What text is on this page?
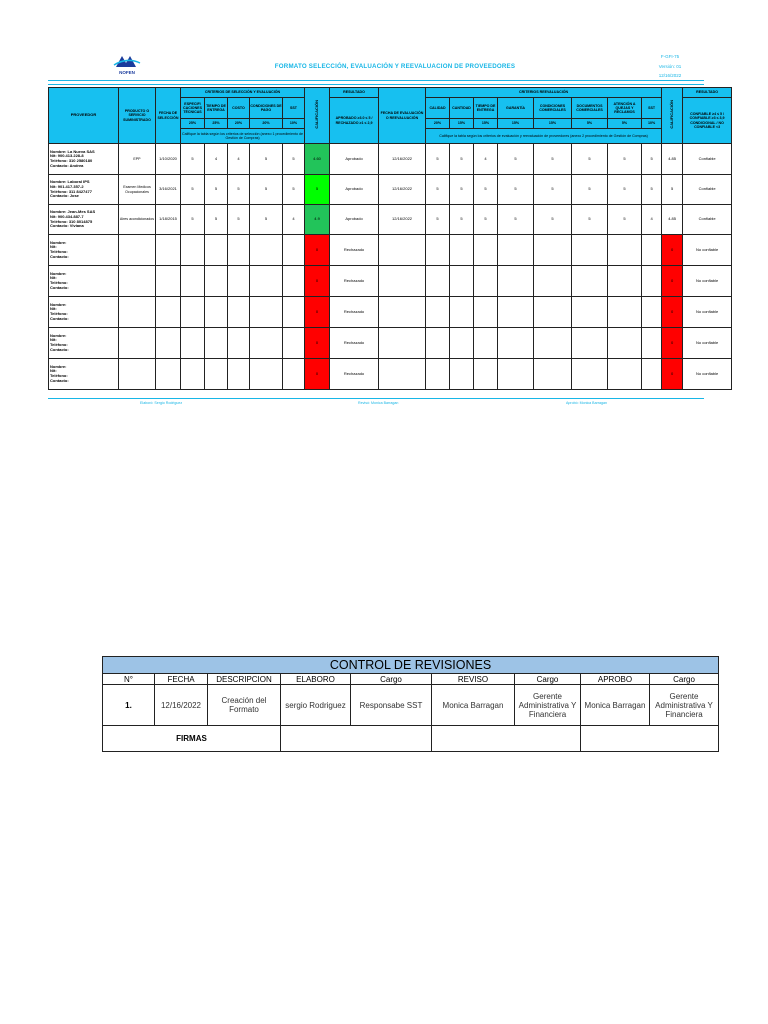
NOFEN
FORMATO SELECCIÓN, EVALUACIÓN Y REEVALUACION DE PROVEEDORES
F-GFI-75
Versión: 01
12/16/2022
PROVEEDOR	PRODUCTO O SERVICIO SUMINISTRADO	FECHA DE SELECCIÓN	CRITERIOS DE SELECCIÓN Y EVALUACIÓN					CALIFICACIÓN	RESULTADO	FECHA DE EVALUACIÓN O REEVALUACIÓN	CRITERIOS REEVALUACIÓN								CALIFICACIÓN	RESULTADO
			ESPECIFI CACIONES TÉCNICAS	TIEMPO DE ENTREGA	COSTO	CONDICIONES DE PAGO	SST		APROBADO ≥3.0 ≤ 5 / RECHAZADO ≥1 ≤ 2,9		CALIDAD	CANTIDAD	TIEMPO DE ENTREGA	GARANTÍA	CONDICIONES COMERCIALES	DOCUMENTOS COMERCIALES	ATENCIÓN A QUEJAS Y RECLAMOS	SST		CONFIABLE ≥4 ≤ 5 / CONFIABLE ≥3 ≤ 3,9 CONDICIONAL / NO CONFIABLE <3
			25%	25%	20%	20%	10%				20%	15%	15%	15%	15%	5%	5%	10%		
			Califique la tabla según los criterios de selección (anexo 1 procedimiento de Gestión de Compras)								Califique la tabla según los criterios de evaluación y reevaluación de proveedores (anexo 2 procedimiento de Gestión de Compras)									

Nombre: La Nueva SAS
Nit: 900.413.228-8
Teléfono: 310 2580180
Contacto: Andrea	EPP	1/10/2020	5	4	4	5	5	4.60	Aprobado	12/16/2022	5	5	4	5	5	5	5	5	4.85	Confiable

Nombre: Laboral IPS
Nit: 901.417.357-2
Teléfono: 311 8427477
Contacto: Jose	Examen Medicos Ocupacionales	3/16/2021	5	5	5	5	5	5	Aprobado	12/16/2022	5	5	5	5	5	5	5	5	5	Confiable

Nombre: Jean-Mes SAS
Nit: 900.434.887-7
Teléfono: 310 8014875
Contacto: Viviana	Aires acondicionados	1/18/2015	5	5	5	5	4	4.9	Aprobado	12/16/2022	5	5	5	5	5	5	5	4	4.85	Confiable

Nombre:
Nit:
Teléfono:
Contacto:								0	Rechazado										0	No confiable

Nombre:
Nit:
Teléfono:
Contacto:								0	Rechazado										0	No confiable

Nombre:
Nit:
Teléfono:
Contacto:								0	Rechazado										0	No confiable

Nombre:
Nit:
Teléfono:
Contacto:								0	Rechazado										0	No confiable

Nombre:
Nit:
Teléfono:
Contacto:								0	Rechazado										0	No confiable
Elaboró: Sergio Rodriguez	Revisó: Monica Barragan	Aprobó: Monica Barragan
CONTROL DE REVISIONES								
N°	FECHA	DESCRIPCION	ELABORO	Cargo	REVISO	Cargo	APROBO	Cargo
1.	12/16/2022	Creación del Formato	sergio Rodriguez	Responsabe SST	Monica Barragan	Gerente Administrativa Y Financiera	Monica Barragan	Gerente Administrativa Y Financiera
FIRMAS								
